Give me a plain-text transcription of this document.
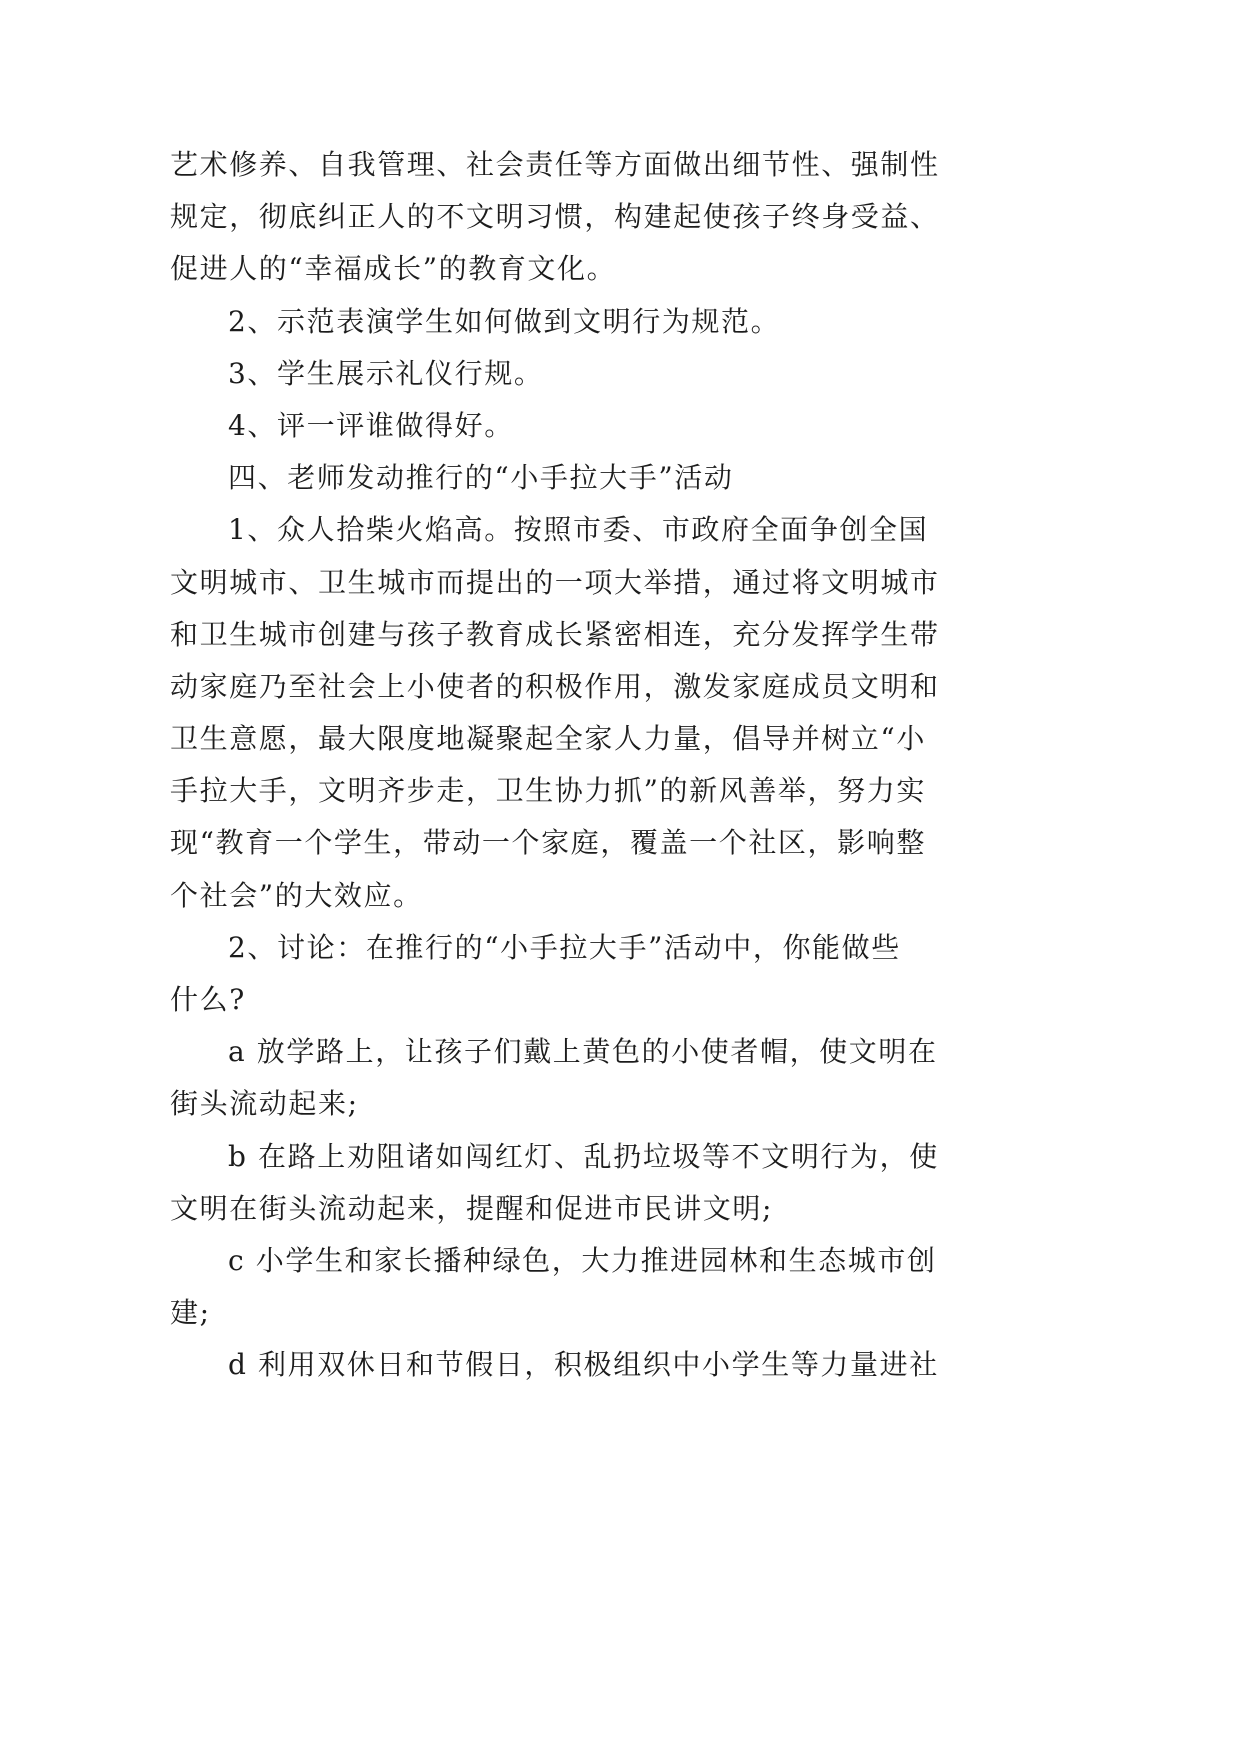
艺术修养、自我管理、社会责任等方面做出细节性、强制性
规定，彻底纠正人的不文明习惯，构建起使孩子终身受益、
促进人的“幸福成长”的教育文化。
2、示范表演学生如何做到文明行为规范。
3、学生展示礼仪行规。
4、评一评谁做得好。
四、老师发动推行的“小手拉大手”活动
1、众人拾柴火焰高。按照市委、市政府全面争创全国
文明城市、卫生城市而提出的一项大举措，通过将文明城市
和卫生城市创建与孩子教育成长紧密相连，充分发挥学生带
动家庭乃至社会上小使者的积极作用，激发家庭成员文明和
卫生意愿，最大限度地凝聚起全家人力量，倡导并树立“小
手拉大手，文明齐步走，卫生协力抓”的新风善举，努力实
现“教育一个学生，带动一个家庭，覆盖一个社区，影响整
个社会”的大效应。
2、讨论：在推行的“小手拉大手”活动中，你能做些
什么?
a 放学路上，让孩子们戴上黄色的小使者帽，使文明在
街头流动起来;
b 在路上劝阻诸如闯红灯、乱扔垃圾等不文明行为，使
文明在街头流动起来，提醒和促进市民讲文明;
c 小学生和家长播种绿色，大力推进园林和生态城市创
建;
d 利用双休日和节假日，积极组织中小学生等力量进社
